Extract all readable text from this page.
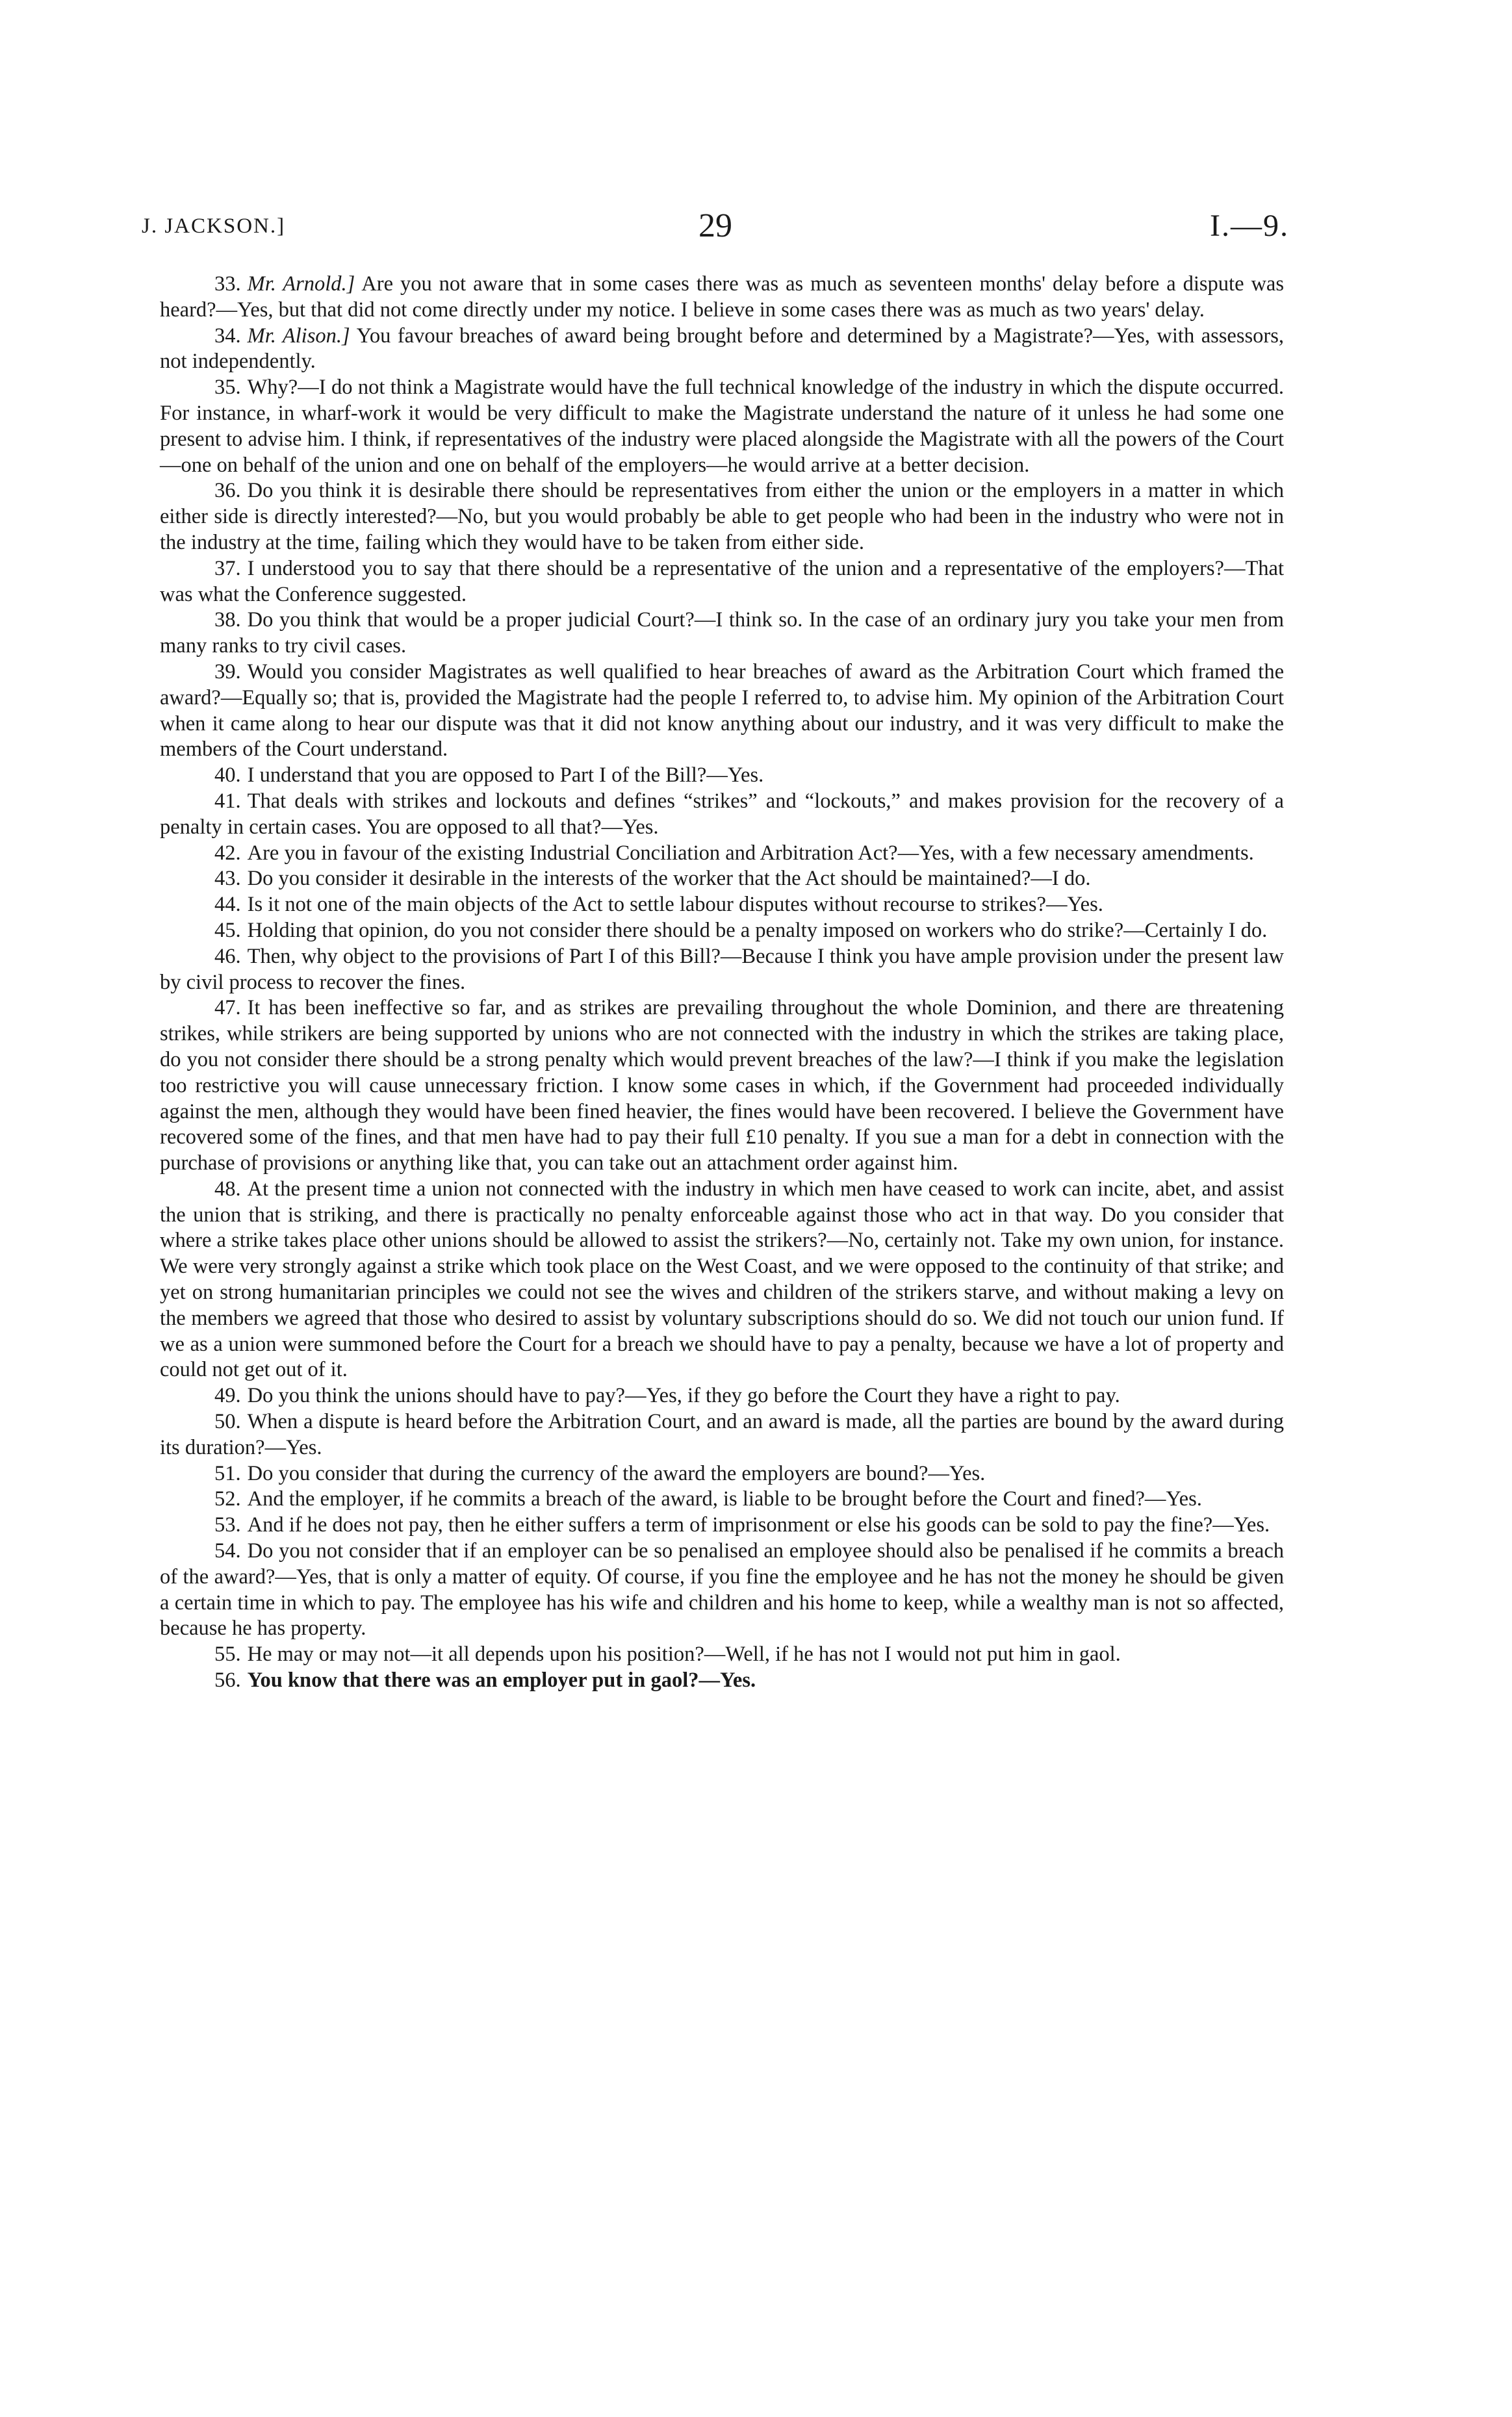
J. JACKSON.]	29	I.—9.

33. Mr. Arnold.] Are you not aware that in some cases there was as much as seventeen months' delay before a dispute was heard?—Yes, but that did not come directly under my notice. I believe in some cases there was as much as two years' delay.

34. Mr. Alison.] You favour breaches of award being brought before and determined by a Magistrate?—Yes, with assessors, not independently.

35. Why?—I do not think a Magistrate would have the full technical knowledge of the industry in which the dispute occurred. For instance, in wharf-work it would be very difficult to make the Magistrate understand the nature of it unless he had some one present to advise him. I think, if representatives of the industry were placed alongside the Magistrate with all the powers of the Court—one on behalf of the union and one on behalf of the employers—he would arrive at a better decision.

36. Do you think it is desirable there should be representatives from either the union or the employers in a matter in which either side is directly interested?—No, but you would probably be able to get people who had been in the industry who were not in the industry at the time, failing which they would have to be taken from either side.

37. I understood you to say that there should be a representative of the union and a representative of the employers?—That was what the Conference suggested.

38. Do you think that would be a proper judicial Court?—I think so. In the case of an ordinary jury you take your men from many ranks to try civil cases.

39. Would you consider Magistrates as well qualified to hear breaches of award as the Arbitration Court which framed the award?—Equally so; that is, provided the Magistrate had the people I referred to, to advise him. My opinion of the Arbitration Court when it came along to hear our dispute was that it did not know anything about our industry, and it was very difficult to make the members of the Court understand.

40. I understand that you are opposed to Part I of the Bill?—Yes.

41. That deals with strikes and lockouts and defines “strikes” and “lockouts,” and makes provision for the recovery of a penalty in certain cases. You are opposed to all that?—Yes.

42. Are you in favour of the existing Industrial Conciliation and Arbitration Act?—Yes, with a few necessary amendments.

43. Do you consider it desirable in the interests of the worker that the Act should be maintained?—I do.

44. Is it not one of the main objects of the Act to settle labour disputes without recourse to strikes?—Yes.

45. Holding that opinion, do you not consider there should be a penalty imposed on workers who do strike?—Certainly I do.

46. Then, why object to the provisions of Part I of this Bill?—Because I think you have ample provision under the present law by civil process to recover the fines.

47. It has been ineffective so far, and as strikes are prevailing throughout the whole Dominion, and there are threatening strikes, while strikers are being supported by unions who are not connected with the industry in which the strikes are taking place, do you not consider there should be a strong penalty which would prevent breaches of the law?—I think if you make the legislation too restrictive you will cause unnecessary friction. I know some cases in which, if the Government had proceeded individually against the men, although they would have been fined heavier, the fines would have been recovered. I believe the Government have recovered some of the fines, and that men have had to pay their full £10 penalty. If you sue a man for a debt in connection with the purchase of provisions or anything like that, you can take out an attachment order against him.

48. At the present time a union not connected with the industry in which men have ceased to work can incite, abet, and assist the union that is striking, and there is practically no penalty enforceable against those who act in that way. Do you consider that where a strike takes place other unions should be allowed to assist the strikers?—No, certainly not. Take my own union, for instance. We were very strongly against a strike which took place on the West Coast, and we were opposed to the continuity of that strike; and yet on strong humanitarian principles we could not see the wives and children of the strikers starve, and without making a levy on the members we agreed that those who desired to assist by voluntary subscriptions should do so. We did not touch our union fund. If we as a union were summoned before the Court for a breach we should have to pay a penalty, because we have a lot of property and could not get out of it.

49. Do you think the unions should have to pay?—Yes, if they go before the Court they have a right to pay.

50. When a dispute is heard before the Arbitration Court, and an award is made, all the parties are bound by the award during its duration?—Yes.

51. Do you consider that during the currency of the award the employers are bound?—Yes.

52. And the employer, if he commits a breach of the award, is liable to be brought before the Court and fined?—Yes.

53. And if he does not pay, then he either suffers a term of imprisonment or else his goods can be sold to pay the fine?—Yes.

54. Do you not consider that if an employer can be so penalised an employee should also be penalised if he commits a breach of the award?—Yes, that is only a matter of equity. Of course, if you fine the employee and he has not the money he should be given a certain time in which to pay. The employee has his wife and children and his home to keep, while a wealthy man is not so affected, because he has property.

55. He may or may not—it all depends upon his position?—Well, if he has not I would not put him in gaol.

56. You know that there was an employer put in gaol?—Yes.
